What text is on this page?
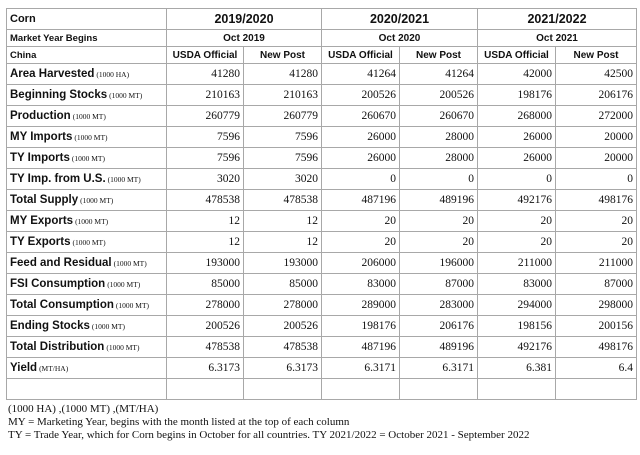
Corn	2019/2020		2020/2021		2021/2022	
Market Year Begins	Oct 2019		Oct 2020		Oct 2021	
China	USDA Official	New Post	USDA Official	New Post	USDA Official	New Post
Area Harvested (1000 HA)	41280	41280	41264	41264	42000	42500
Beginning Stocks (1000 MT)	210163	210163	200526	200526	198176	206176
Production (1000 MT)	260779	260779	260670	260670	268000	272000
MY Imports (1000 MT)	7596	7596	26000	28000	26000	20000
TY Imports (1000 MT)	7596	7596	26000	28000	26000	20000
TY Imp. from U.S. (1000 MT)	3020	3020	0	0	0	0
Total Supply (1000 MT)	478538	478538	487196	489196	492176	498176
MY Exports (1000 MT)	12	12	20	20	20	20
TY Exports (1000 MT)	12	12	20	20	20	20
Feed and Residual (1000 MT)	193000	193000	206000	196000	211000	211000
FSI Consumption (1000 MT)	85000	85000	83000	87000	83000	87000
Total Consumption (1000 MT)	278000	278000	289000	283000	294000	298000
Ending Stocks (1000 MT)	200526	200526	198176	206176	198156	200156
Total Distribution (1000 MT)	478538	478538	487196	489196	492176	498176
Yield (MT/HA)	6.3173	6.3173	6.3171	6.3171	6.381	6.4

(1000 HA) ,(1000 MT) ,(MT/HA)
MY = Marketing Year, begins with the month listed at the top of each column
TY = Trade Year, which for Corn begins in October for all countries. TY 2021/2022 = October 2021 - September 2022
